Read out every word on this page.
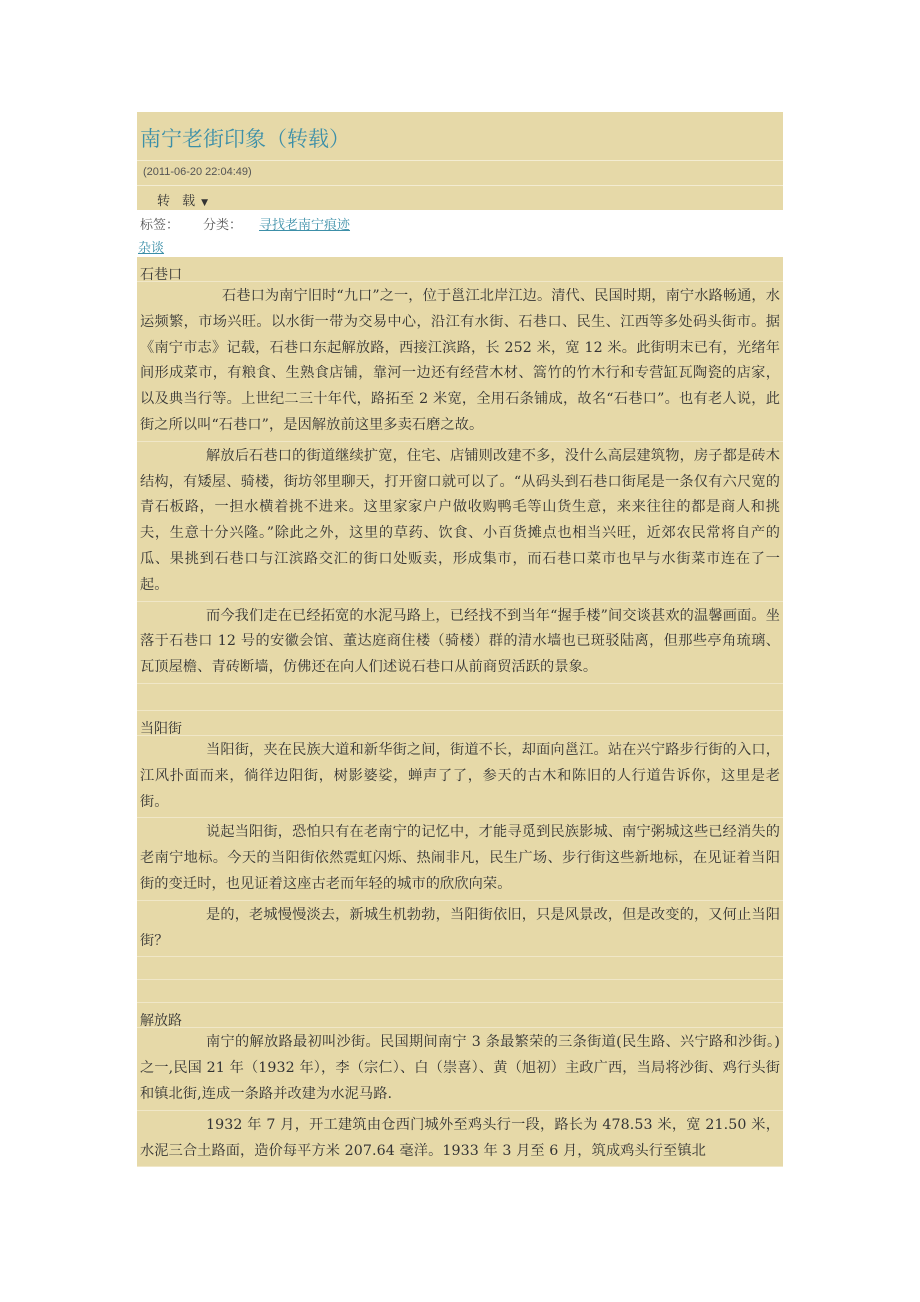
南宁老街印象（转载）
(2011-06-20 22:04:49)
转 载 ▼
标签： 分类： 寻找老南宁痕迹
杂谈
石巷口

石巷口为南宁旧时“九口”之一，位于邕江北岸江边。清代、民国时期，南宁水路畅通，水运频繁，市场兴旺。以水街一带为交易中心，沿江有水街、石巷口、民生、江西等多处码头街市。据《南宁市志》记载，石巷口东起解放路，西接江滨路，长 252 米，宽 12 米。此街明末已有，光绪年间形成菜市，有粮食、生熟食店铺，靠河一边还有经营木材、篙竹的竹木行和专营缸瓦陶瓷的店家，以及典当行等。上世纪二三十年代，路拓至 2 米宽，全用石条铺成，故名“石巷口”。也有老人说，此街之所以叫“石巷口”，是因解放前这里多卖石磨之故。

解放后石巷口的街道继续扩宽，住宅、店铺则改建不多，没什么高层建筑物，房子都是砖木结构，有矮屋、骑楼，街坊邻里聊天，打开窗口就可以了。“从码头到石巷口街尾是一条仅有六尺宽的青石板路，一担水横着挑不进来。这里家家户户做收购鸭毛等山货生意，来来往往的都是商人和挑夫，生意十分兴隆。”除此之外，这里的草药、饮食、小百货摊点也相当兴旺，近郊农民常将自产的瓜、果挑到石巷口与江滨路交汇的街口处贩卖，形成集市，而石巷口菜市也早与水街菜市连在了一起。

而今我们走在已经拓宽的水泥马路上，已经找不到当年“握手楼”间交谈甚欢的温馨画面。坐落于石巷口 12 号的安徽会馆、董达庭商住楼（骑楼）群的清水墙也已斑驳陆离，但那些亭角琉璃、瓦顶屋檐、青砖断墙，仿佛还在向人们述说石巷口从前商贸活跃的景象。

当阳街

当阳街，夹在民族大道和新华街之间，街道不长，却面向邕江。站在兴宁路步行街的入口，江风扑面而来，徜徉边阳街，树影婆娑，蝉声了了，参天的古木和陈旧的人行道告诉你，这里是老街。

说起当阳街，恐怕只有在老南宁的记忆中，才能寻觅到民族影城、南宁粥城这些已经消失的老南宁地标。今天的当阳街依然霓虹闪烁、热闹非凡，民生广场、步行街这些新地标，在见证着当阳街的变迁时，也见证着这座古老而年轻的城市的欣欣向荣。

是的，老城慢慢淡去，新城生机勃勃，当阳街依旧，只是风景改，但是改变的，又何止当阳街？

解放路

南宁的解放路最初叫沙街。民国期间南宁 3 条最繁荣的三条街道(民生路、兴宁路和沙街。)之一,民国 21 年（1932 年），李（宗仁）、白（崇喜）、黄（旭初）主政广西，当局将沙街、鸡行头街和镇北街,连成一条路并改建为水泥马路.

1932 年 7 月，开工建筑由仓西门城外至鸡头行一段，路长为 478.53 米，宽 21.50 米，水泥三合土路面，造价每平方米 207.64 毫洋。1933 年 3 月至 6 月，筑成鸡头行至镇北
